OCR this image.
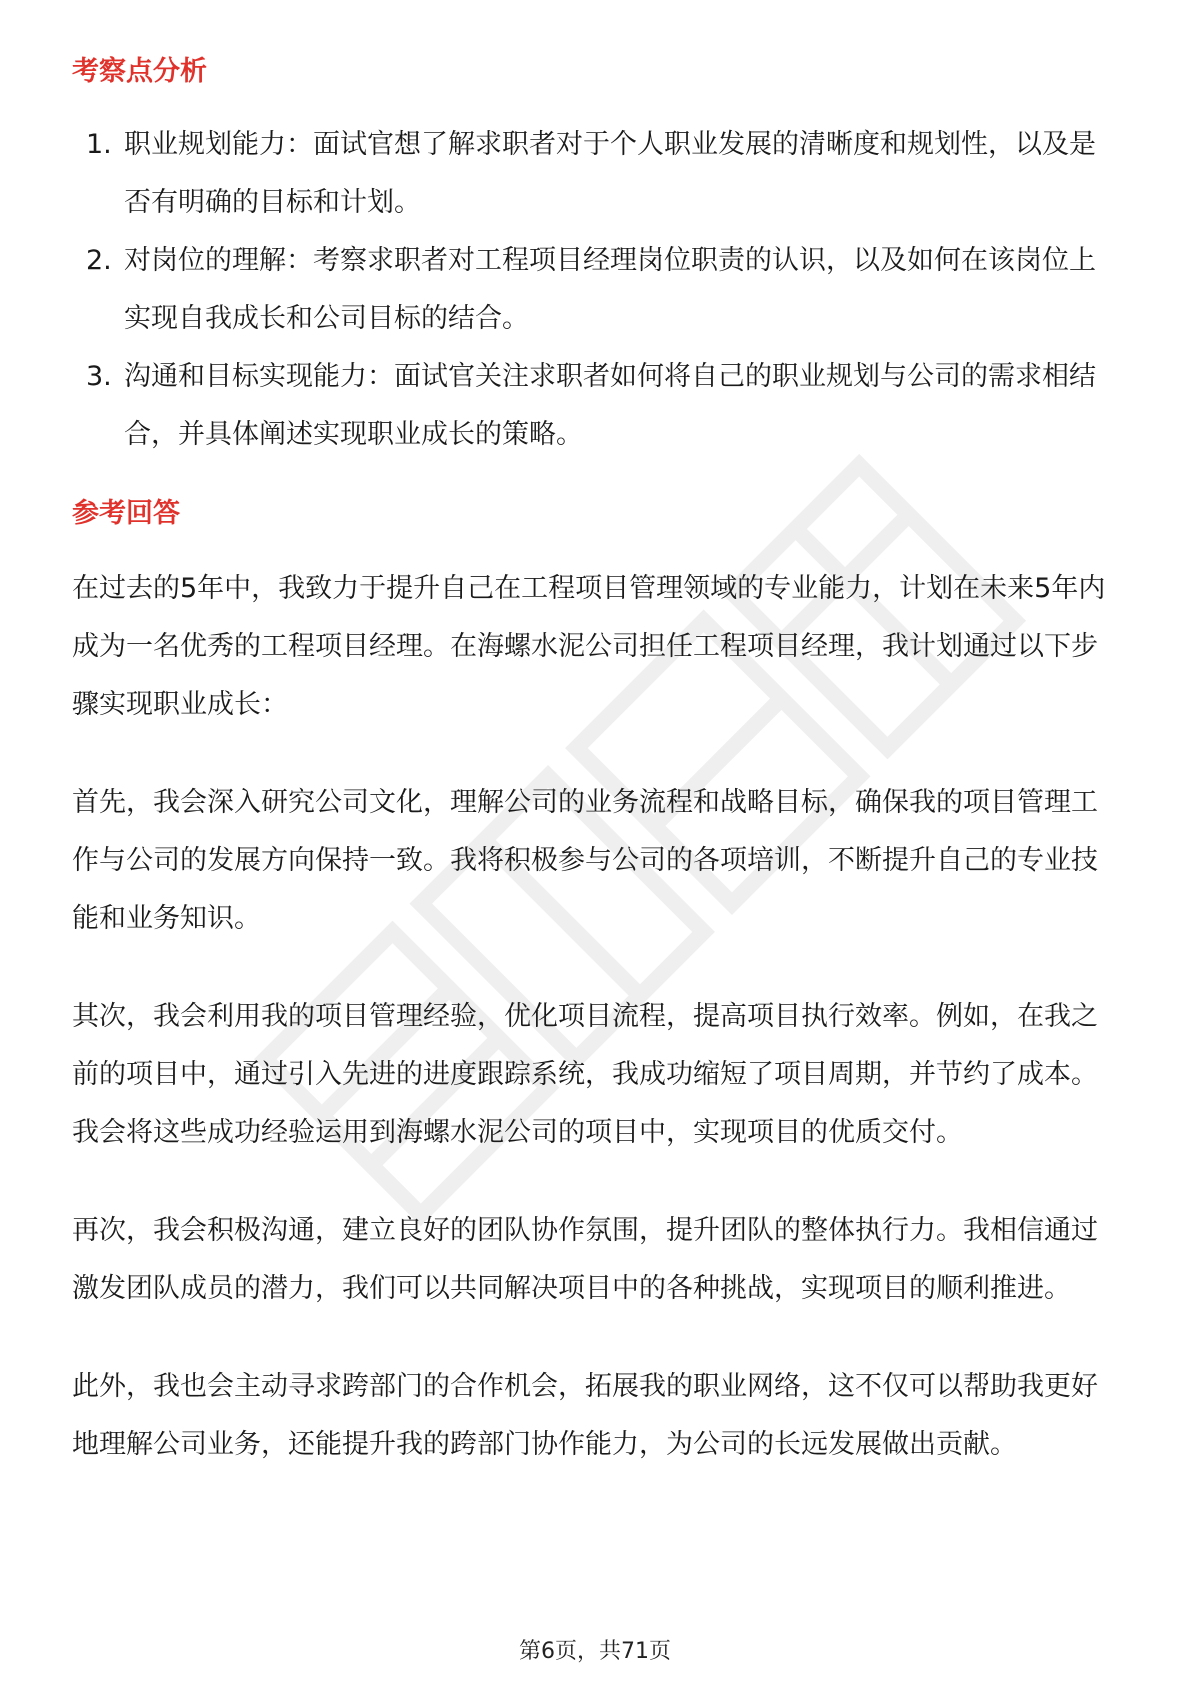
考察点分析
1. 职业规划能力：面试官想了解求职者对于个人职业发展的清晰度和规划性，以及是否有明确的目标和计划。
2. 对岗位的理解：考察求职者对工程项目经理岗位职责的认识，以及如何在该岗位上实现自我成长和公司目标的结合。
3. 沟通和目标实现能力：面试官关注求职者如何将自己的职业规划与公司的需求相结合，并具体阐述实现职业成长的策略。
参考回答

在过去的5年中，我致力于提升自己在工程项目管理领域的专业能力，计划在未来5年内成为一名优秀的工程项目经理。在海螺水泥公司担任工程项目经理，我计划通过以下步骤实现职业成长：

首先，我会深入研究公司文化，理解公司的业务流程和战略目标，确保我的项目管理工作与公司的发展方向保持一致。我将积极参与公司的各项培训，不断提升自己的专业技能和业务知识。

其次，我会利用我的项目管理经验，优化项目流程，提高项目执行效率。例如，在我之前的项目中，通过引入先进的进度跟踪系统，我成功缩短了项目周期，并节约了成本。我会将这些成功经验运用到海螺水泥公司的项目中，实现项目的优质交付。

再次，我会积极沟通，建立良好的团队协作氛围，提升团队的整体执行力。我相信通过激发团队成员的潜力，我们可以共同解决项目中的各种挑战，实现项目的顺利推进。

此外，我也会主动寻求跨部门的合作机会，拓展我的职业网络，这不仅可以帮助我更好地理解公司业务，还能提升我的跨部门协作能力，为公司的长远发展做出贡献。

第6页，共71页
